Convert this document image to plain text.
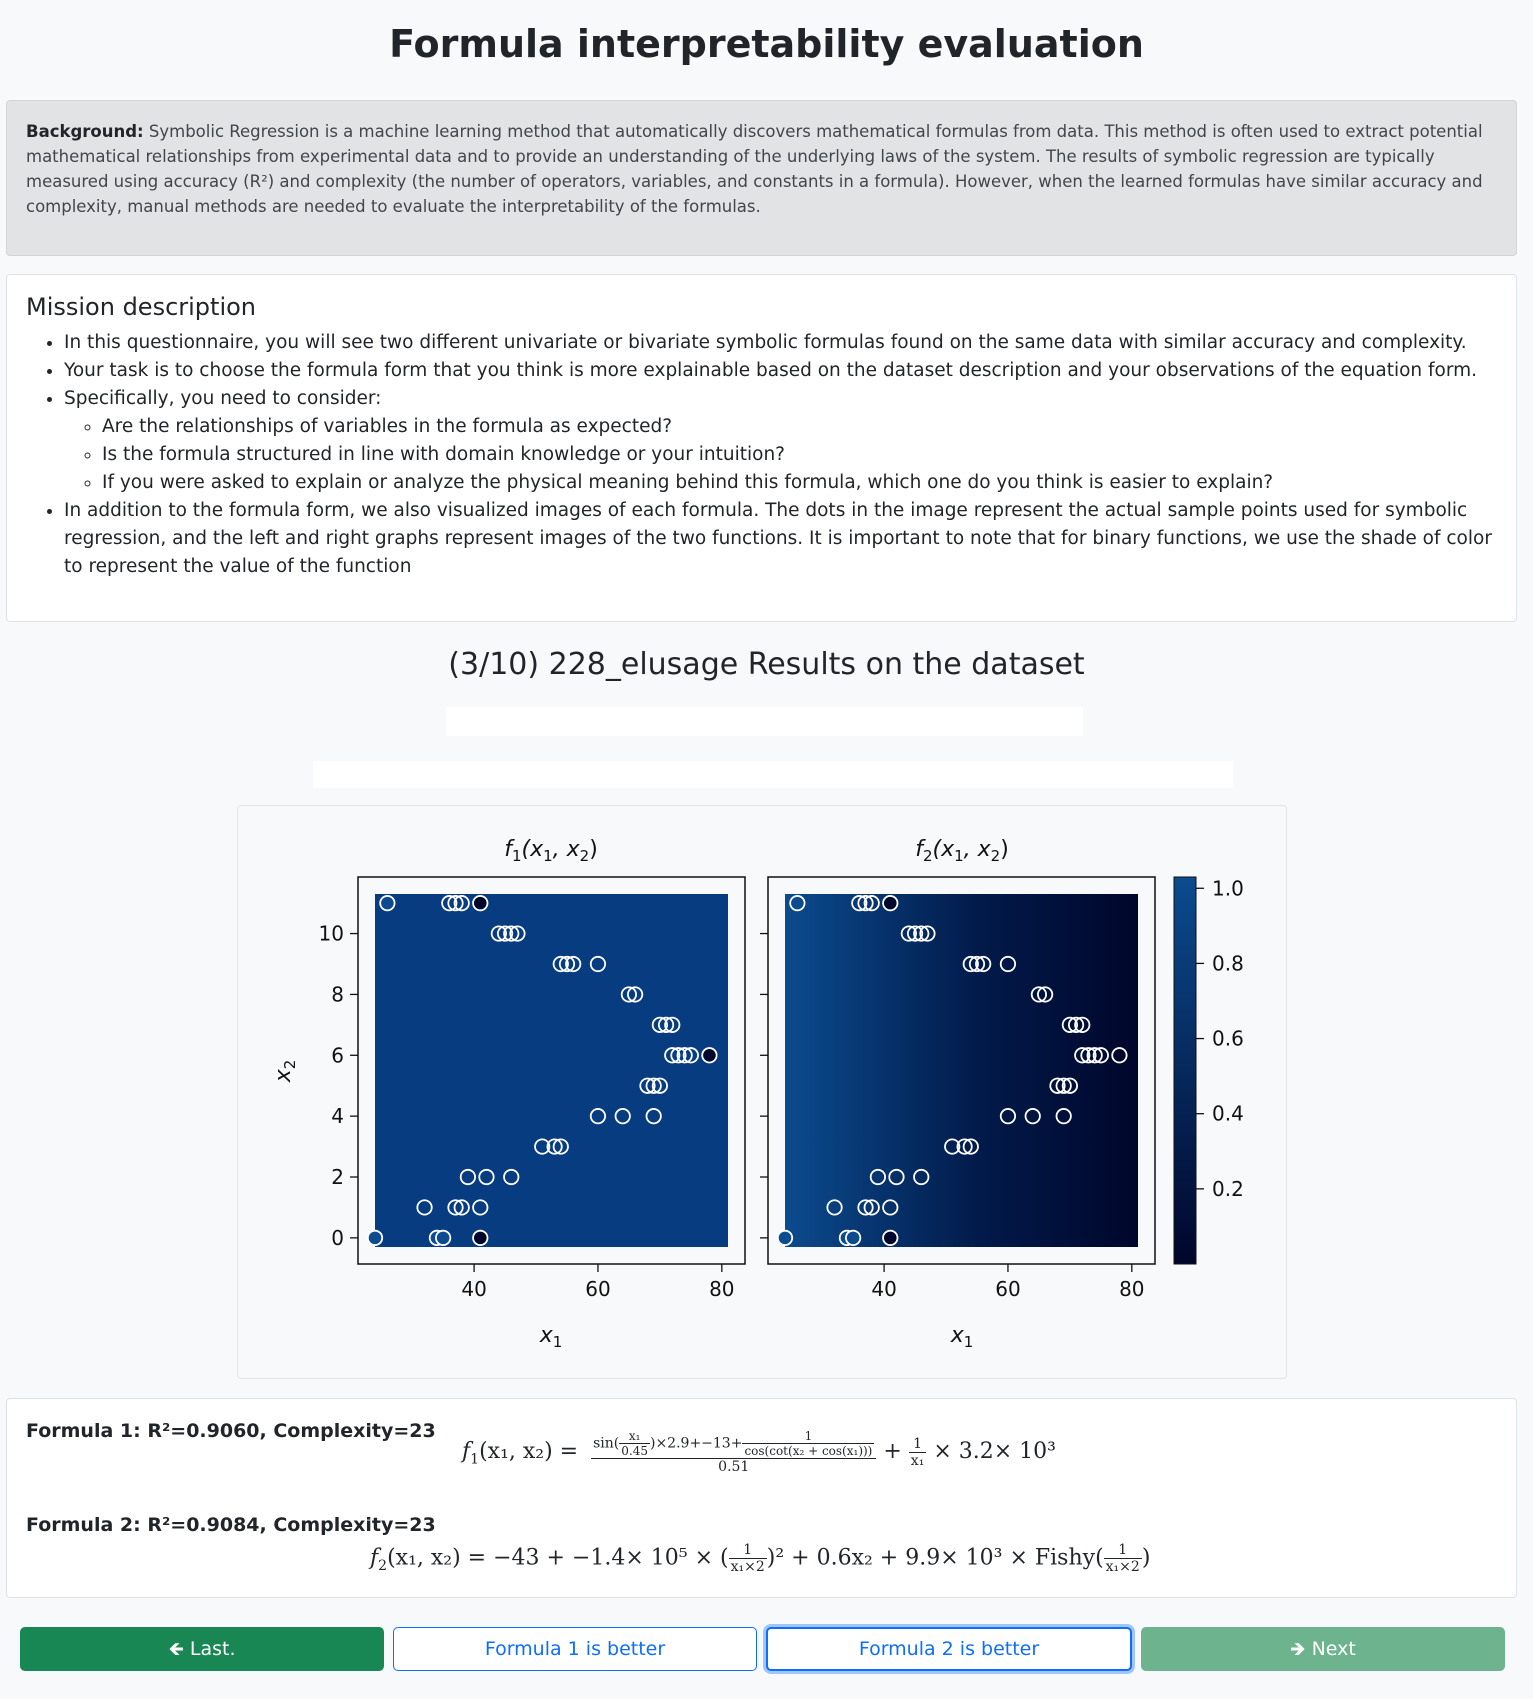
Formula interpretability evaluation
Background: Symbolic Regression is a machine learning method that automatically discovers mathematical formulas from data. This method is often used to extract potential mathematical relationships from experimental data and to provide an understanding of the underlying laws of the system. The results of symbolic regression are typically measured using accuracy (R²) and complexity (the number of operators, variables, and constants in a formula). However, when the learned formulas have similar accuracy and complexity, manual methods are needed to evaluate the interpretability of the formulas.
Mission description
• In this questionnaire, you will see two different univariate or bivariate symbolic formulas found on the same data with similar accuracy and complexity.
• Your task is to choose the formula form that you think is more explainable based on the dataset description and your observations of the equation form.
• Specifically, you need to consider:
◦ Are the relationships of variables in the formula as expected?
◦ Is the formula structured in line with domain knowledge or your intuition?
◦ If you were asked to explain or analyze the physical meaning behind this formula, which one do you think is easier to explain?
• In addition to the formula form, we also visualized images of each formula. The dots in the image represent the actual sample points used for symbolic regression, and the left and right graphs represent images of the two functions. It is important to note that for binary functions, we use the shade of color to represent the value of the function
(3/10) 228_elusage Results on the dataset
$f_1(x_1$, $x_2$)	$f_2(x_1$, $x_2$)
1.0
0.8
0.6
0.4
0.2
40	60	80
0
2
4
6
8
10
40	60	80
$x_1$	$x_1$
$x_2$
Formula 1: R²=0.9060, Complexity=23
$f_1(x_1$, $x_2) = \frac{\sin( \frac{\text{x₁}}{0.45} )\times 2.9+-13+ \frac{1}{\text{cos(cot(x₂ + cos(x₁)))}}}{0.51} + \frac{1}{\text{x₁}} \times 3.2\times 10^3$
Formula 2: R²=0.9084, Complexity=23
$f_2(x_1$, x₂) = −43 + −1.4× 10⁵ × ( $\frac{1}{\text{x₁×2}} )^2 + 0.6x_2 + 9.9\times 10^3$ × Fishy( $\frac{1}{\text{x₁×2}}$ )
🡸 Last.	Formula 1 is better	Formula 2 is better	🡺 Next
